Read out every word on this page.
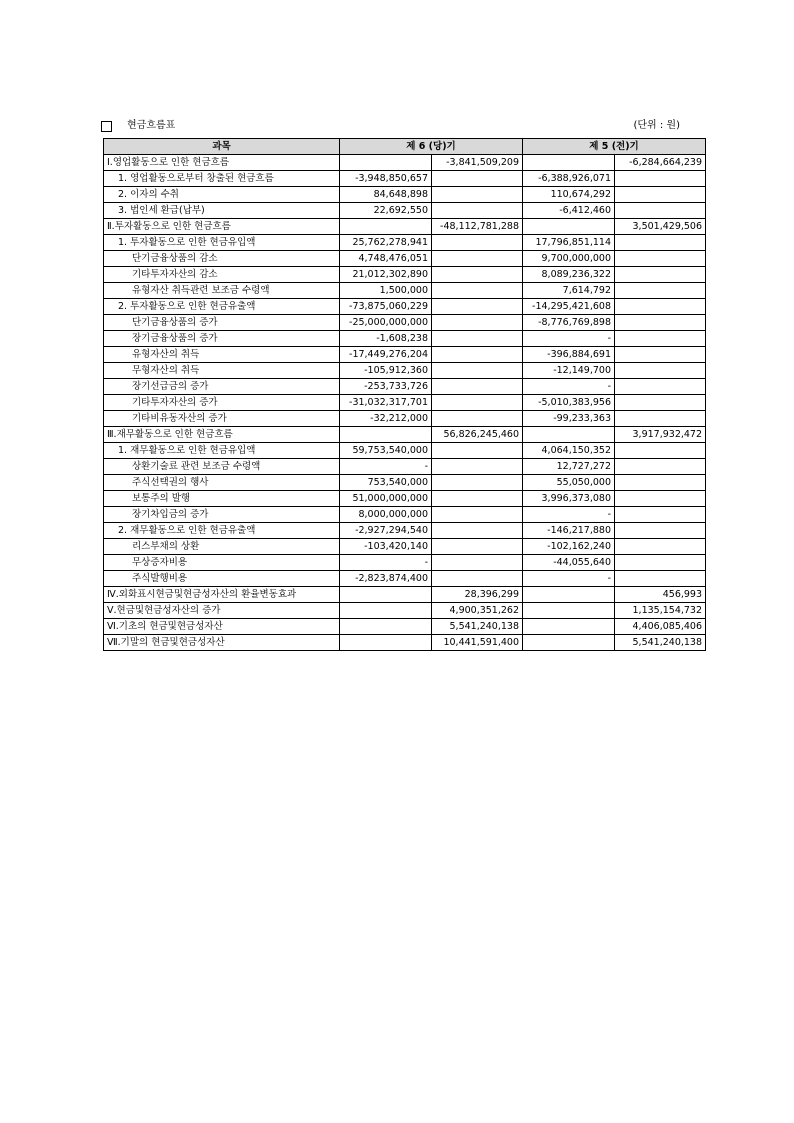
현금흐름표	(단위 : 원)
과목	제 6 (당)기		제 5 (전)기	
Ⅰ.영업활동으로 인한 현금흐름		-3,841,509,209		-6,284,664,239
1. 영업활동으로부터 창출된 현금흐름	-3,948,850,657		-6,388,926,071	
2. 이자의 수취	84,648,898		110,674,292	
3. 법인세 환급(납부)	22,692,550		-6,412,460	
Ⅱ.투자활동으로 인한 현금흐름		-48,112,781,288		3,501,429,506
1. 투자활동으로 인한 현금유입액	25,762,278,941		17,796,851,114	
단기금융상품의 감소	4,748,476,051		9,700,000,000	
기타투자자산의 감소	21,012,302,890		8,089,236,322	
유형자산 취득관련 보조금 수령액	1,500,000		7,614,792	
2. 투자활동으로 인한 현금유출액	-73,875,060,229		-14,295,421,608	
단기금융상품의 증가	-25,000,000,000		-8,776,769,898	
장기금융상품의 증가	-1,608,238		-	
유형자산의 취득	-17,449,276,204		-396,884,691	
무형자산의 취득	-105,912,360		-12,149,700	
장기선급금의 증가	-253,733,726		-	
기타투자자산의 증가	-31,032,317,701		-5,010,383,956	
기타비유동자산의 증가	-32,212,000		-99,233,363	
Ⅲ.재무활동으로 인한 현금흐름		56,826,245,460		3,917,932,472
1. 재무활동으로 인한 현금유입액	59,753,540,000		4,064,150,352	
상환기술료 관련 보조금 수령액	-		12,727,272	
주식선택권의 행사	753,540,000		55,050,000	
보통주의 발행	51,000,000,000		3,996,373,080	
장기차입금의 증가	8,000,000,000		-	
2. 재무활동으로 인한 현금유출액	-2,927,294,540		-146,217,880	
리스부채의 상환	-103,420,140		-102,162,240	
무상증자비용	-		-44,055,640	
주식발행비용	-2,823,874,400		-	
Ⅳ.외화표시현금및현금성자산의 환율변동효과		28,396,299		456,993
Ⅴ.현금및현금성자산의 증가		4,900,351,262		1,135,154,732
Ⅵ.기초의 현금및현금성자산		5,541,240,138		4,406,085,406
Ⅶ.기말의 현금및현금성자산		10,441,591,400		5,541,240,138
